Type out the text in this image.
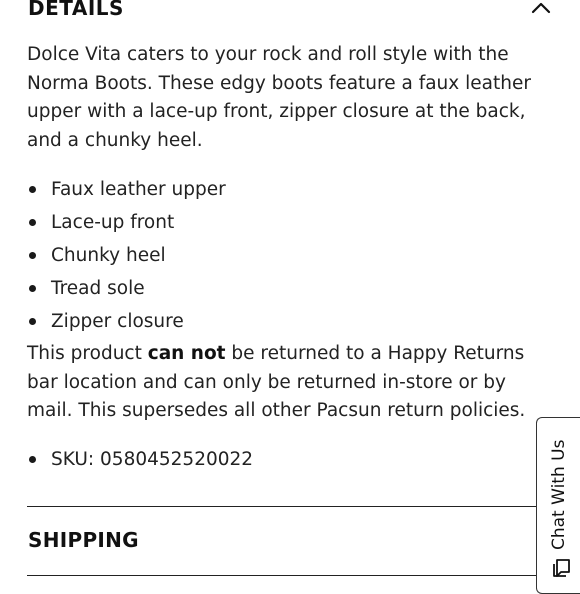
DETAILS

Dolce Vita caters to your rock and roll style with the Norma Boots. These edgy boots feature a faux leather upper with a lace-up front, zipper closure at the back, and a chunky heel.

Faux leather upper
Lace-up front
Chunky heel
Tread sole
Zipper closure

This product can not be returned to a Happy Returns bar location and can only be returned in-store or by mail. This supersedes all other Pacsun return policies.

SKU: 0580452520022
SHIPPING	Chat With Us
